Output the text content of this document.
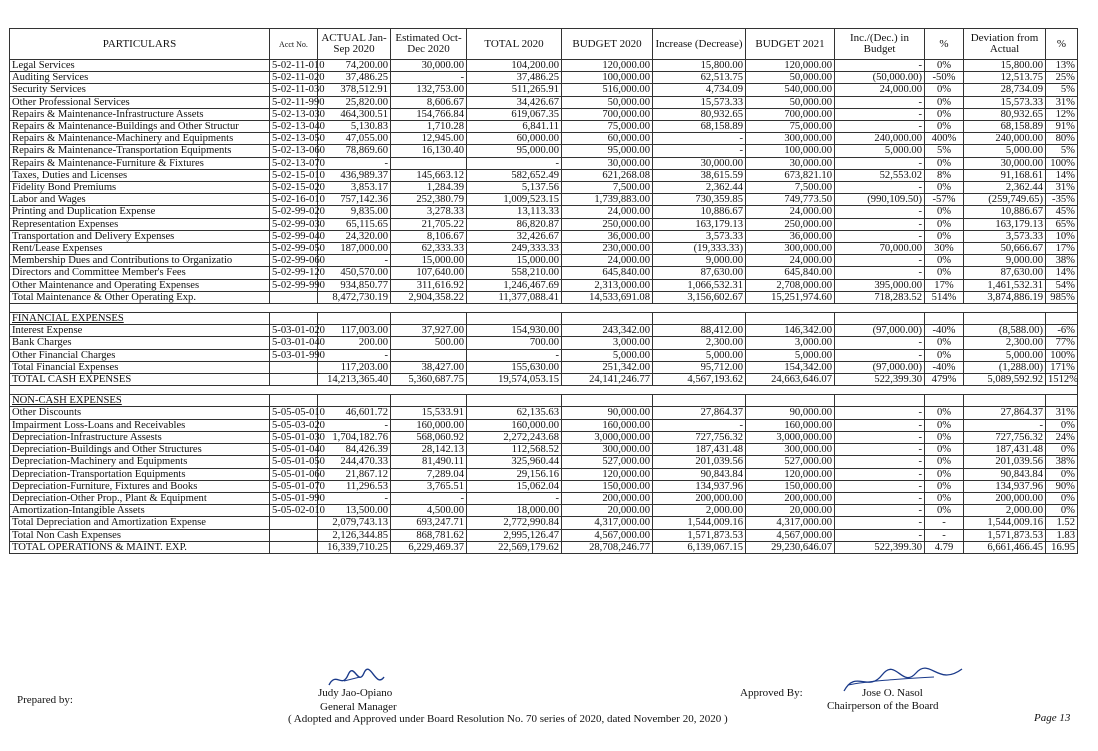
PARTICULARS	Acct No.	ACTUAL Jan-Sep 2020	Estimated Oct-Dec 2020	TOTAL 2020	BUDGET 2020	Increase (Decrease)	BUDGET 2021	Inc./(Dec.) in Budget	%	Deviation from Actual	%
Legal Services	5-02-11-010	74,200.00	30,000.00	104,200.00	120,000.00	15,800.00	120,000.00	-	0%	15,800.00	13%
Auditing Services	5-02-11-020	37,486.25	-	37,486.25	100,000.00	62,513.75	50,000.00	(50,000.00)	-50%	12,513.75	25%
Security Services	5-02-11-030	378,512.91	132,753.00	511,265.91	516,000.00	4,734.09	540,000.00	24,000.00	0%	28,734.09	5%
Other Professional Services	5-02-11-990	25,820.00	8,606.67	34,426.67	50,000.00	15,573.33	50,000.00	-	0%	15,573.33	31%
Repairs & Maintenance-Infrastructure Assets	5-02-13-030	464,300.51	154,766.84	619,067.35	700,000.00	80,932.65	700,000.00	-	0%	80,932.65	12%
Repairs & Maintenance-Buildings and Other Structur	5-02-13-040	5,130.83	1,710.28	6,841.11	75,000.00	68,158.89	75,000.00	-	0%	68,158.89	91%
Repairs & Maintenance-Machinery and Equipments	5-02-13-050	47,055.00	12,945.00	60,000.00	60,000.00	-	300,000.00	240,000.00	400%	240,000.00	80%
Repairs & Maintenance-Transportation Equipments	5-02-13-060	78,869.60	16,130.40	95,000.00	95,000.00	-	100,000.00	5,000.00	5%	5,000.00	5%
Repairs & Maintenance-Furniture & Fixtures	5-02-13-070	-		-	30,000.00	30,000.00	30,000.00	-	0%	30,000.00	100%
Taxes, Duties and Licenses	5-02-15-010	436,989.37	145,663.12	582,652.49	621,268.08	38,615.59	673,821.10	52,553.02	8%	91,168.61	14%
Fidelity Bond Premiums	5-02-15-020	3,853.17	1,284.39	5,137.56	7,500.00	2,362.44	7,500.00	-	0%	2,362.44	31%
Labor and Wages	5-02-16-010	757,142.36	252,380.79	1,009,523.15	1,739,883.00	730,359.85	749,773.50	(990,109.50)	-57%	(259,749.65)	-35%
Printing and Duplication Expense	5-02-99-020	9,835.00	3,278.33	13,113.33	24,000.00	10,886.67	24,000.00	-	0%	10,886.67	45%
Representation Expenses	5-02-99-030	65,115.65	21,705.22	86,820.87	250,000.00	163,179.13	250,000.00	-	0%	163,179.13	65%
Transportation and Delivery Expenses	5-02-99-040	24,320.00	8,106.67	32,426.67	36,000.00	3,573.33	36,000.00	-	0%	3,573.33	10%
Rent/Lease Expenses	5-02-99-050	187,000.00	62,333.33	249,333.33	230,000.00	(19,333.33)	300,000.00	70,000.00	30%	50,666.67	17%
Membership Dues and Contributions to Organizatio	5-02-99-060	-	15,000.00	15,000.00	24,000.00	9,000.00	24,000.00	-	0%	9,000.00	38%
Directors and Committee Member's Fees	5-02-99-120	450,570.00	107,640.00	558,210.00	645,840.00	87,630.00	645,840.00	-	0%	87,630.00	14%
Other Maintenance and Operating Expenses	5-02-99-990	934,850.77	311,616.92	1,246,467.69	2,313,000.00	1,066,532.31	2,708,000.00	395,000.00	17%	1,461,532.31	54%
Total Maintenance & Other Operating Exp.		8,472,730.19	2,904,358.22	11,377,088.41	14,533,691.08	3,156,602.67	15,251,974.60	718,283.52	514%	3,874,886.19	985%

FINANCIAL EXPENSES											
Interest Expense	5-03-01-020	117,003.00	37,927.00	154,930.00	243,342.00	88,412.00	146,342.00	(97,000.00)	-40%	(8,588.00)	-6%
Bank Charges	5-03-01-040	200.00	500.00	700.00	3,000.00	2,300.00	3,000.00	-	0%	2,300.00	77%
Other Financial Charges	5-03-01-990	-		-	5,000.00	5,000.00	5,000.00	-	0%	5,000.00	100%
Total Financial Expenses		117,203.00	38,427.00	155,630.00	251,342.00	95,712.00	154,342.00	(97,000.00)	-40%	(1,288.00)	171%
TOTAL CASH EXPENSES		14,213,365.40	5,360,687.75	19,574,053.15	24,141,246.77	4,567,193.62	24,663,646.07	522,399.30	479%	5,089,592.92	1512%

NON-CASH EXPENSES											
Other Discounts	5-05-05-010	46,601.72	15,533.91	62,135.63	90,000.00	27,864.37	90,000.00	-	0%	27,864.37	31%
Impairment Loss-Loans and Receivables	5-05-03-020	-	160,000.00	160,000.00	160,000.00	-	160,000.00	-	0%	-	0%
Depreciation-Infrastructure Assests	5-05-01-030	1,704,182.76	568,060.92	2,272,243.68	3,000,000.00	727,756.32	3,000,000.00	-	0%	727,756.32	24%
Depreciation-Buildings and Other Structures	5-05-01-040	84,426.39	28,142.13	112,568.52	300,000.00	187,431.48	300,000.00	-	0%	187,431.48	0%
Depreciation-Machinery and Equipments	5-05-01-050	244,470.33	81,490.11	325,960.44	527,000.00	201,039.56	527,000.00	-	0%	201,039.56	38%
Depreciation-Transportation Equipments	5-05-01-060	21,867.12	7,289.04	29,156.16	120,000.00	90,843.84	120,000.00	-	0%	90,843.84	0%
Depreciation-Furniture, Fixtures and Books	5-05-01-070	11,296.53	3,765.51	15,062.04	150,000.00	134,937.96	150,000.00	-	0%	134,937.96	90%
Depreciation-Other Prop., Plant & Equipment	5-05-01-990	-	-	-	200,000.00	200,000.00	200,000.00	-	0%	200,000.00	0%
Amortization-Intangible Assets	5-05-02-010	13,500.00	4,500.00	18,000.00	20,000.00	2,000.00	20,000.00	-	0%	2,000.00	0%
Total Depreciation and Amortization Expense		2,079,743.13	693,247.71	2,772,990.84	4,317,000.00	1,544,009.16	4,317,000.00	-	-	1,544,009.16	1.52
Total Non Cash Expenses		2,126,344.85	868,781.62	2,995,126.47	4,567,000.00	1,571,873.53	4,567,000.00	-	-	1,571,873.53	1.83
TOTAL OPERATIONS & MAINT. EXP.		16,339,710.25	6,229,469.37	22,569,179.62	28,708,246.77	6,139,067.15	29,230,646.07	522,399.30	4.79	6,661,466.45	16.95
Prepared by:
Judy Jao-Opiano
General Manager
( Adopted and Approved under Board Resolution No. 70 series of 2020, dated November 20, 2020 )
Approved By:	Jose O. Nasol
Chairperson of the Board
Page 13
